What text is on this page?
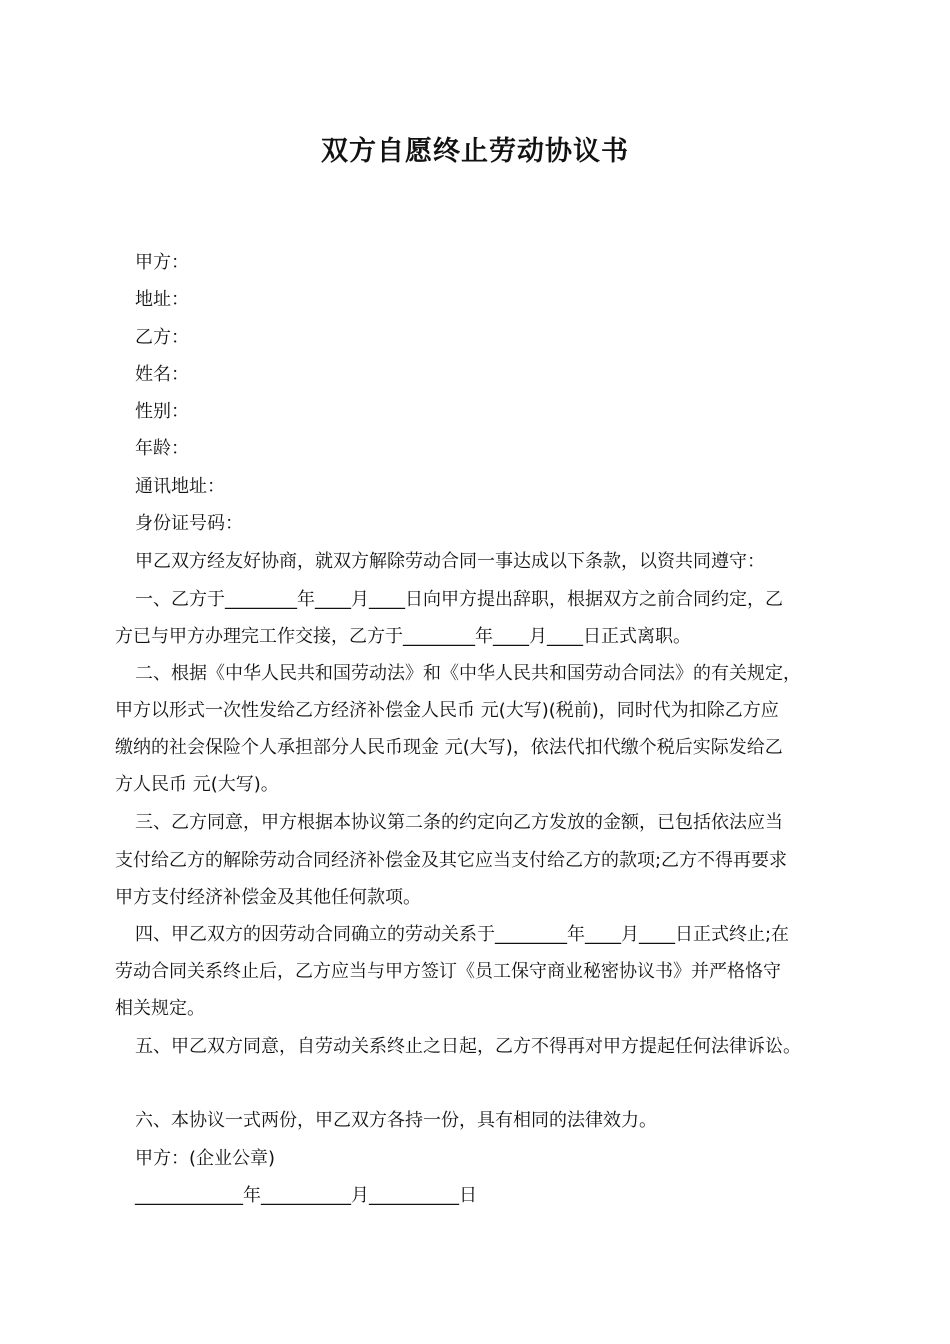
双方自愿终止劳动协议书
甲方：
地址：
乙方：
姓名：
性别：
年龄：
通讯地址：
身份证号码：
甲乙双方经友好协商，就双方解除劳动合同一事达成以下条款，以资共同遵守：
一、乙方于________年____月____日向甲方提出辞职，根据双方之前合同约定，乙
方已与甲方办理完工作交接，乙方于________年____月____日正式离职。
二、根据《中华人民共和国劳动法》和《中华人民共和国劳动合同法》的有关规定，
甲方以形式一次性发给乙方经济补偿金人民币 元(大写)(税前)，同时代为扣除乙方应
缴纳的社会保险个人承担部分人民币现金 元(大写)，依法代扣代缴个税后实际发给乙
方人民币 元(大写)。
三、乙方同意，甲方根据本协议第二条的约定向乙方发放的金额，已包括依法应当
支付给乙方的解除劳动合同经济补偿金及其它应当支付给乙方的款项;乙方不得再要求
甲方支付经济补偿金及其他任何款项。
四、甲乙双方的因劳动合同确立的劳动关系于________年____月____日正式终止;在
劳动合同关系终止后，乙方应当与甲方签订《员工保守商业秘密协议书》并严格恪守
相关规定。
五、甲乙双方同意，自劳动关系终止之日起，乙方不得再对甲方提起任何法律诉讼。
六、本协议一式两份，甲乙双方各持一份，具有相同的法律效力。
甲方：(企业公章)
____________年__________月__________日
